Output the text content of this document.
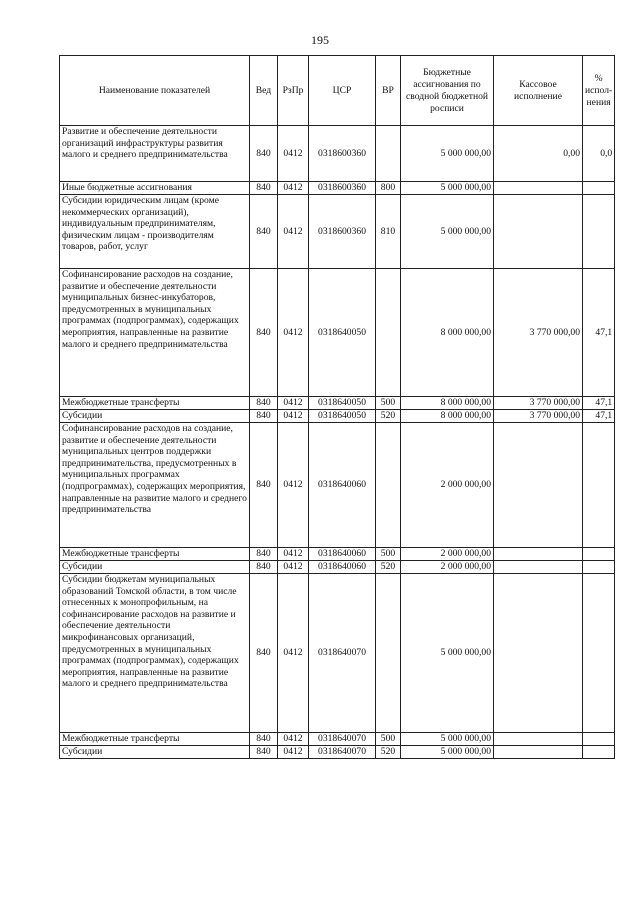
195
Наименование показателей	Вед	РзПр	ЦСР	ВР	Бюджетные ассигнования по сводной бюджетной росписи	Кассовое исполнение	% испол- нения
Развитие и обеспечение деятельности организаций инфраструктуры развития малого и среднего предпринимательства	840	0412	0318600360		5 000 000,00	0,00	0,0
Иные бюджетные ассигнования	840	0412	0318600360	800	5 000 000,00		
Субсидии юридическим лицам (кроме некоммерческих организаций), индивидуальным предпринимателям, физическим лицам - производителям товаров, работ, услуг	840	0412	0318600360	810	5 000 000,00		
Софинансирование расходов на создание, развитие и обеспечение деятельности муниципальных бизнес-инкубаторов, предусмотренных в муниципальных программах (подпрограммах), содержащих мероприятия, направленные на развитие малого и среднего предпринимательства	840	0412	0318640050		8 000 000,00	3 770 000,00	47,1
Межбюджетные трансферты	840	0412	0318640050	500	8 000 000,00	3 770 000,00	47,1
Субсидии	840	0412	0318640050	520	8 000 000,00	3 770 000,00	47,1
Софинансирование расходов на создание, развитие и обеспечение деятельности муниципальных центров поддержки предпринимательства, предусмотренных в муниципальных программах (подпрограммах), содержащих мероприятия, направленные на развитие малого и среднего предпринимательства	840	0412	0318640060		2 000 000,00		
Межбюджетные трансферты	840	0412	0318640060	500	2 000 000,00		
Субсидии	840	0412	0318640060	520	2 000 000,00		
Субсидии бюджетам муниципальных образований Томской области, в том числе отнесенных к монопрофильным, на софинансирование расходов на развитие и обеспечение деятельности микрофинансовых организаций, предусмотренных в муниципальных программах (подпрограммах), содержащих мероприятия, направленные на развитие малого и среднего предпринимательства	840	0412	0318640070		5 000 000,00		
Межбюджетные трансферты	840	0412	0318640070	500	5 000 000,00		
Субсидии	840	0412	0318640070	520	5 000 000,00		
